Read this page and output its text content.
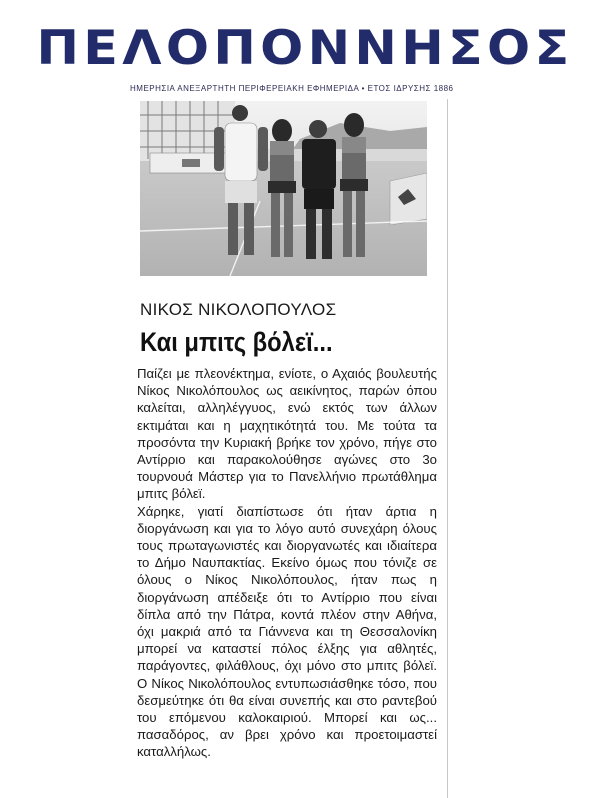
ΠΕΛΟΠΟΝΝΗΣΟΣ
ΗΜΕΡΗΣΙΑ ΑΝΕΞΑΡΤΗΤΗ ΠΕΡΙΦΕΡΕΙΑΚΗ ΕΦΗΜΕΡΙΔΑ • ΕΤΟΣ ΙΔΡΥΣΗΣ 1886
ΝΙΚΟΣ ΝΙΚΟΛΟΠΟΥΛΟΣ
Και μπιτς βόλεϊ...

Παίζει με πλεονέκτημα, ενίοτε, ο Αχαιός βουλευτής Νίκος Νικολόπουλος ως αεικίνητος, παρών όπου καλείται, αλληλέγγυος, ενώ εκτός των άλλων εκτιμάται και η μαχητικότητά του. Με τούτα τα προσόντα την Κυριακή βρήκε τον χρόνο, πήγε στο Αντίρριο και παρακολούθησε αγώνες στο 3ο τουρνουά Μάστερ για το Πανελλήνιο πρωτάθλημα μπιτς βόλεϊ.

Χάρηκε, γιατί διαπίστωσε ότι ήταν άρτια η διοργάνωση και για το λόγο αυτό συνεχάρη όλους τους πρωταγωνιστές και διοργανωτές και ιδιαίτερα το Δήμο Ναυπακτίας. Εκείνο όμως που τόνιζε σε όλους ο Νίκος Νικολόπουλος, ήταν πως η διοργάνωση απέδειξε ότι το Αντίρριο που είναι δίπλα από την Πάτρα, κοντά πλέον στην Αθήνα, όχι μακριά από τα Γιάννενα και τη Θεσσαλονίκη μπορεί να καταστεί πόλος έλξης για αθλητές, παράγοντες, φιλάθλους, όχι μόνο στο μπιτς βόλεϊ. Ο Νίκος Νικολόπουλος εντυπωσιάσθηκε τόσο, που δεσμεύτηκε ότι θα είναι συνεπής και στο ραντεβού του επόμενου καλοκαιριού. Μπορεί και ως... πασαδόρος, αν βρει χρόνο και προετοιμαστεί καταλλήλως.
